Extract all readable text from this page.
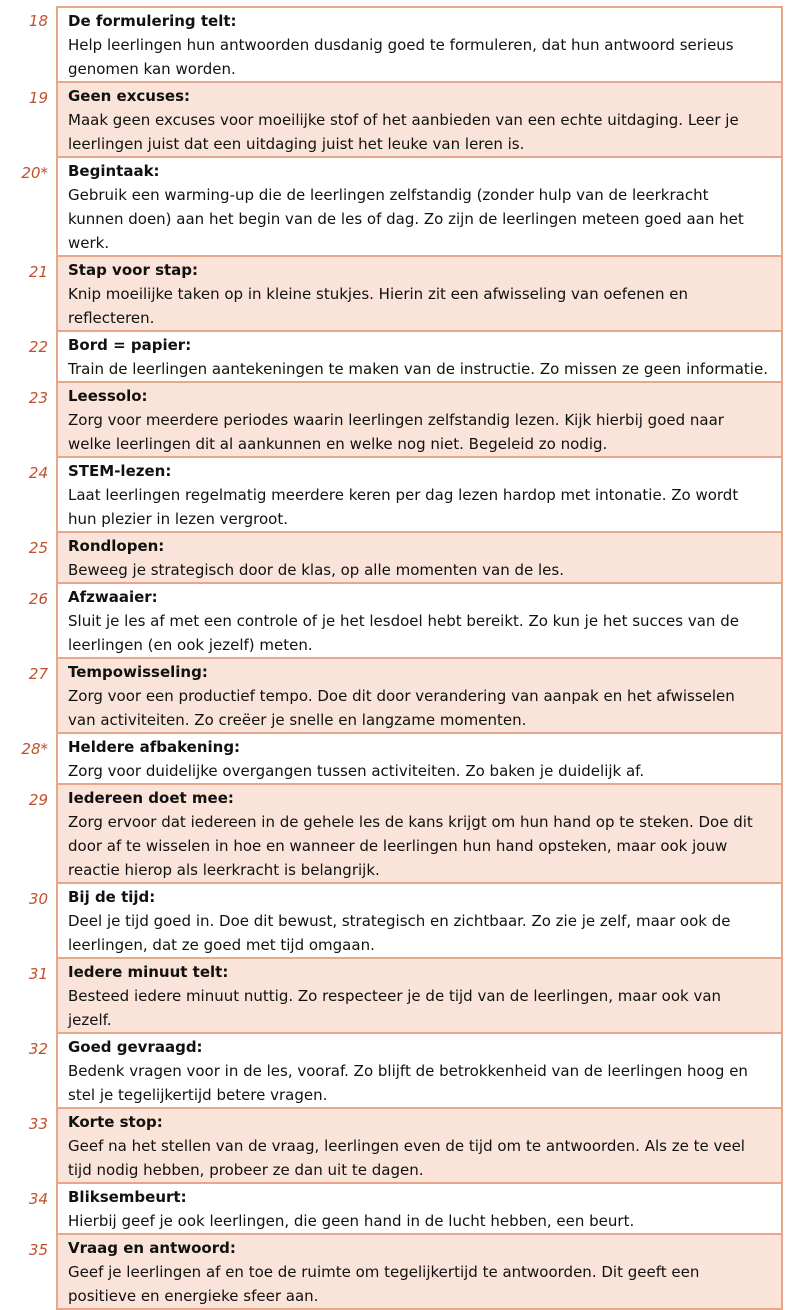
18	De formulering telt:
Help leerlingen hun antwoorden dusdanig goed te formuleren, dat hun antwoord serieus
genomen kan worden.
19	Geen excuses:
Maak geen excuses voor moeilijke stof of het aanbieden van een echte uitdaging. Leer je
leerlingen juist dat een uitdaging juist het leuke van leren is.
20*	Begintaak:
Gebruik een warming-up die de leerlingen zelfstandig (zonder hulp van de leerkracht
kunnen doen) aan het begin van de les of dag. Zo zijn de leerlingen meteen goed aan het
werk.
21	Stap voor stap:
Knip moeilijke taken op in kleine stukjes. Hierin zit een afwisseling van oefenen en
reflecteren.
22	Bord = papier:
Train de leerlingen aantekeningen te maken van de instructie. Zo missen ze geen informatie.
23	Leessolo:
Zorg voor meerdere periodes waarin leerlingen zelfstandig lezen. Kijk hierbij goed naar
welke leerlingen dit al aankunnen en welke nog niet. Begeleid zo nodig.
24	STEM-lezen:
Laat leerlingen regelmatig meerdere keren per dag lezen hardop met intonatie. Zo wordt
hun plezier in lezen vergroot.
25	Rondlopen:
Beweeg je strategisch door de klas, op alle momenten van de les.
26	Afzwaaier:
Sluit je les af met een controle of je het lesdoel hebt bereikt. Zo kun je het succes van de
leerlingen (en ook jezelf) meten.
27	Tempowisseling:
Zorg voor een productief tempo. Doe dit door verandering van aanpak en het afwisselen
van activiteiten. Zo creëer je snelle en langzame momenten.
28*	Heldere afbakening:
Zorg voor duidelijke overgangen tussen activiteiten. Zo baken je duidelijk af.
29	Iedereen doet mee:
Zorg ervoor dat iedereen in de gehele les de kans krijgt om hun hand op te steken. Doe dit
door af te wisselen in hoe en wanneer de leerlingen hun hand opsteken, maar ook jouw
reactie hierop als leerkracht is belangrijk.
30	Bij de tijd:
Deel je tijd goed in. Doe dit bewust, strategisch en zichtbaar. Zo zie je zelf, maar ook de
leerlingen, dat ze goed met tijd omgaan.
31	Iedere minuut telt:
Besteed iedere minuut nuttig. Zo respecteer je de tijd van de leerlingen, maar ook van
jezelf.
32	Goed gevraagd:
Bedenk vragen voor in de les, vooraf. Zo blijft de betrokkenheid van de leerlingen hoog en
stel je tegelijkertijd betere vragen.
33	Korte stop:
Geef na het stellen van de vraag, leerlingen even de tijd om te antwoorden. Als ze te veel
tijd nodig hebben, probeer ze dan uit te dagen.
34	Bliksembeurt:
Hierbij geef je ook leerlingen, die geen hand in de lucht hebben, een beurt.
35	Vraag en antwoord:
Geef je leerlingen af en toe de ruimte om tegelijkertijd te antwoorden. Dit geeft een
positieve en energieke sfeer aan.
